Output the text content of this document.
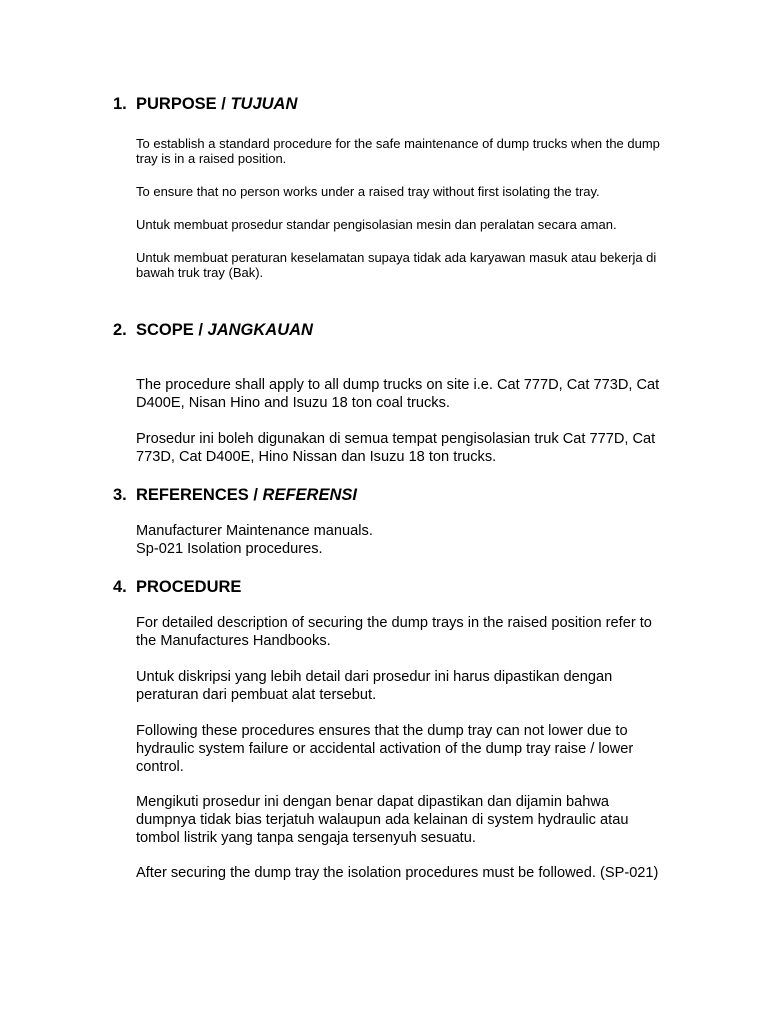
1. PURPOSE / TUJUAN

To establish a standard procedure for the safe maintenance of dump trucks when the dump tray is in a raised position.

To ensure that no person works under a raised tray without first isolating the tray.

Untuk membuat prosedur standar pengisolasian mesin dan peralatan secara aman.

Untuk membuat peraturan keselamatan supaya tidak ada karyawan masuk atau bekerja di bawah truk tray (Bak).

2. SCOPE / JANGKAUAN

The procedure shall apply to all dump trucks on site i.e. Cat 777D, Cat 773D, Cat D400E, Nisan Hino and Isuzu 18 ton coal trucks.

Prosedur ini boleh digunakan di semua tempat pengisolasian truk Cat 777D, Cat 773D, Cat D400E, Hino Nissan dan Isuzu 18 ton trucks.

3. REFERENCES / REFERENSI

Manufacturer Maintenance manuals.

Sp-021 Isolation procedures.

4. PROCEDURE

For detailed description of securing the dump trays in the raised position refer to the Manufactures Handbooks.

Untuk diskripsi yang lebih detail dari prosedur ini harus dipastikan dengan peraturan dari pembuat alat tersebut.

Following these procedures ensures that the dump tray can not lower due to hydraulic system failure or accidental activation of the dump tray raise / lower control.

Mengikuti prosedur ini dengan benar dapat dipastikan dan dijamin bahwa dumpnya tidak bias terjatuh walaupun ada kelainan di system hydraulic atau tombol listrik yang tanpa sengaja tersenyuh sesuatu.

After securing the dump tray the isolation procedures must be followed. (SP-021)
